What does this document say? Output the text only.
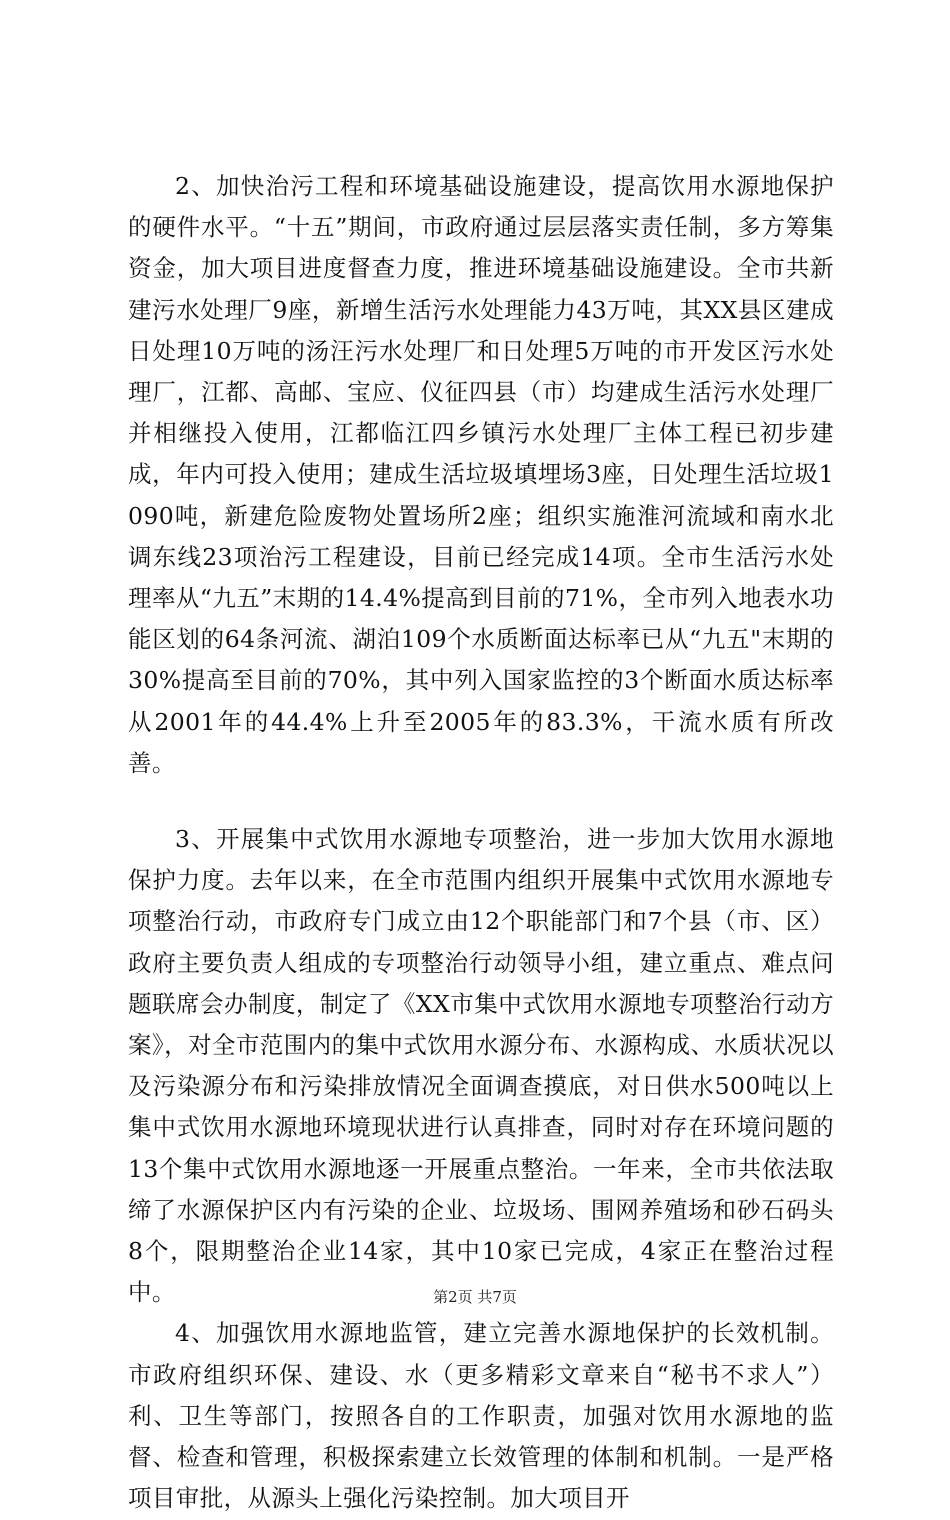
2、加快治污工程和环境基础设施建设，提高饮用水源地保护的硬件水平。“十五”期间，市政府通过层层落实责任制，多方筹集资金，加大项目进度督查力度，推进环境基础设施建设。全市共新建污水处理厂9座，新增生活污水处理能力43万吨，其XX县区建成日处理10万吨的汤汪污水处理厂和日处理5万吨的市开发区污水处理厂，江都、高邮、宝应、仪征四县（市）均建成生活污水处理厂并相继投入使用，江都临江四乡镇污水处理厂主体工程已初步建成，年内可投入使用；建成生活垃圾填埋场3座，日处理生活垃圾1090吨，新建危险废物处置场所2座；组织实施淮河流域和南水北调东线23项治污工程建设，目前已经完成14项。全市生活污水处理率从“九五”末期的14.4%提高到目前的71%，全市列入地表水功能区划的64条河流、湖泊109个水质断面达标率已从“九五"末期的30%提高至目前的70%，其中列入国家监控的3个断面水质达标率从2001年的44.4%上升至2005年的83.3%，干流水质有所改善。

3、开展集中式饮用水源地专项整治，进一步加大饮用水源地保护力度。去年以来，在全市范围内组织开展集中式饮用水源地专项整治行动，市政府专门成立由12个职能部门和7个县（市、区）政府主要负责人组成的专项整治行动领导小组，建立重点、难点问题联席会办制度，制定了《XX市集中式饮用水源地专项整治行动方案》，对全市范围内的集中式饮用水源分布、水源构成、水质状况以及污染源分布和污染排放情况全面调查摸底，对日供水500吨以上集中式饮用水源地环境现状进行认真排查，同时对存在环境问题的13个集中式饮用水源地逐一开展重点整治。一年来，全市共依法取缔了水源保护区内有污染的企业、垃圾场、围网养殖场和砂石码头8个，限期整治企业14家，其中10家已完成，4家正在整治过程中。

4、加强饮用水源地监管，建立完善水源地保护的长效机制。市政府组织环保、建设、水（更多精彩文章来自“秘书不求人”）利、卫生等部门，按照各自的工作职责，加强对饮用水源地的监督、检查和管理，积极探索建立长效管理的体制和机制。一是严格项目审批，从源头上强化污染控制。加大项目开

第2页 共7页
